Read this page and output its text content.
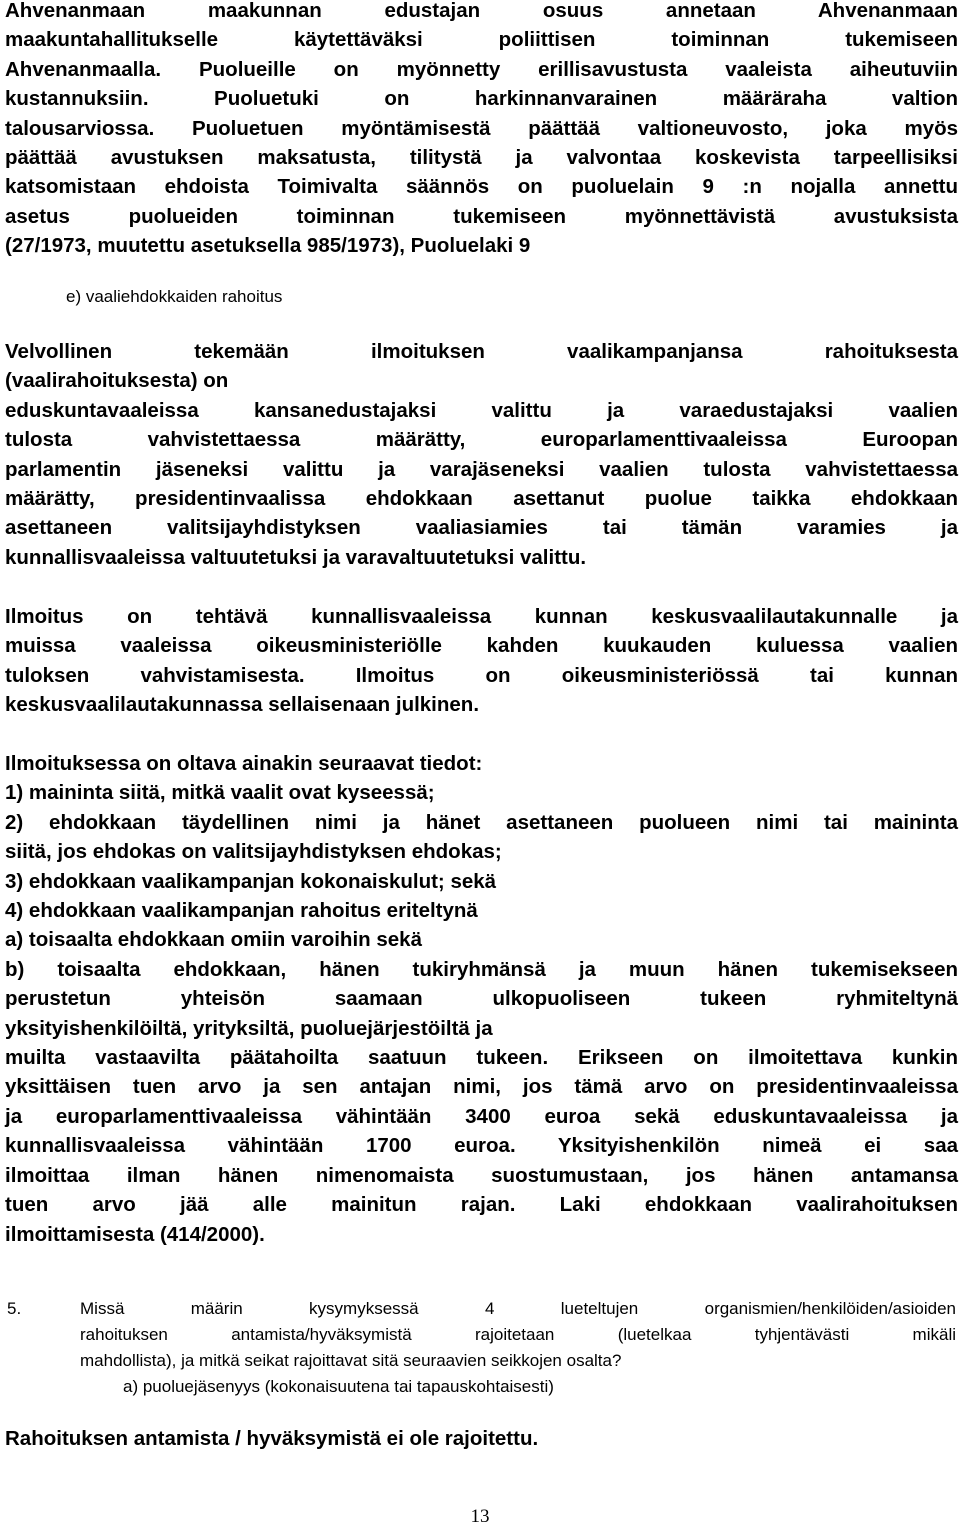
Ahvenanmaan maakunnan edustajan osuus annetaan Ahvenanmaan
maakuntahallitukselle käytettäväksi poliittisen toiminnan tukemiseen
Ahvenanmaalla. Puolueille on myönnetty erillisavustusta vaaleista aiheutuviin
kustannuksiin. Puoluetuki on harkinnanvarainen määräraha valtion
talousarviossa. Puoluetuen myöntämisestä päättää valtioneuvosto, joka myös
päättää avustuksen maksatusta, tilitystä ja valvontaa koskevista tarpeellisiksi
katsomistaan ehdoista Toimivalta säännös on puoluelain 9 :n nojalla annettu
asetus puolueiden toiminnan tukemiseen myönnettävistä avustuksista
(27/1973, muutettu asetuksella 985/1973), Puoluelaki 9
e) vaaliehdokkaiden rahoitus
Velvollinen tekemään ilmoituksen vaalikampanjansa rahoituksesta
(vaalirahoituksesta) on
eduskuntavaaleissa kansanedustajaksi valittu ja varaedustajaksi vaalien
tulosta vahvistettaessa määrätty, europarlamenttivaaleissa Euroopan
parlamentin jäseneksi valittu ja varajäseneksi vaalien tulosta vahvistettaessa
määrätty, presidentinvaalissa ehdokkaan asettanut puolue taikka ehdokkaan
asettaneen valitsijayhdistyksen vaaliasiamies tai tämän varamies ja
kunnallisvaaleissa valtuutetuksi ja varavaltuutetuksi valittu.
Ilmoitus on tehtävä kunnallisvaaleissa kunnan keskusvaalilautakunnalle ja
muissa vaaleissa oikeusministeriölle kahden kuukauden kuluessa vaalien
tuloksen vahvistamisesta. Ilmoitus on oikeusministeriössä tai kunnan
keskusvaalilautakunnassa sellaisenaan julkinen.
Ilmoituksessa on oltava ainakin seuraavat tiedot:
1) maininta siitä, mitkä vaalit ovat kyseessä;
2) ehdokkaan täydellinen nimi ja hänet asettaneen puolueen nimi tai maininta
siitä, jos ehdokas on valitsijayhdistyksen ehdokas;
3) ehdokkaan vaalikampanjan kokonaiskulut; sekä
4) ehdokkaan vaalikampanjan rahoitus eriteltynä
a) toisaalta ehdokkaan omiin varoihin sekä
b) toisaalta ehdokkaan, hänen tukiryhmänsä ja muun hänen tukemisekseen
perustetun yhteisön saamaan ulkopuoliseen tukeen ryhmiteltynä
yksityishenkilöiltä, yrityksiltä, puoluejärjestöiltä ja
muilta vastaavilta päätahoilta saatuun tukeen. Erikseen on ilmoitettava kunkin
yksittäisen tuen arvo ja sen antajan nimi, jos tämä arvo on presidentinvaaleissa
ja europarlamenttivaaleissa vähintään 3400 euroa sekä eduskuntavaaleissa ja
kunnallisvaaleissa vähintään 1700 euroa. Yksityishenkilön nimeä ei saa
ilmoittaa ilman hänen nimenomaista suostumustaan, jos hänen antamansa
tuen arvo jää alle mainitun rajan. Laki ehdokkaan vaalirahoituksen
ilmoittamisesta (414/2000).
5.	Missä määrin kysymyksessä 4 lueteltujen organismien/henkilöiden/asioiden
rahoituksen antamista/hyväksymistä rajoitetaan (luetelkaa tyhjentävästi mikäli
mahdollista), ja mitkä seikat rajoittavat sitä seuraavien seikkojen osalta?
a) puoluejäsenyys (kokonaisuutena tai tapauskohtaisesti)
Rahoituksen antamista / hyväksymistä ei ole rajoitettu.
13
